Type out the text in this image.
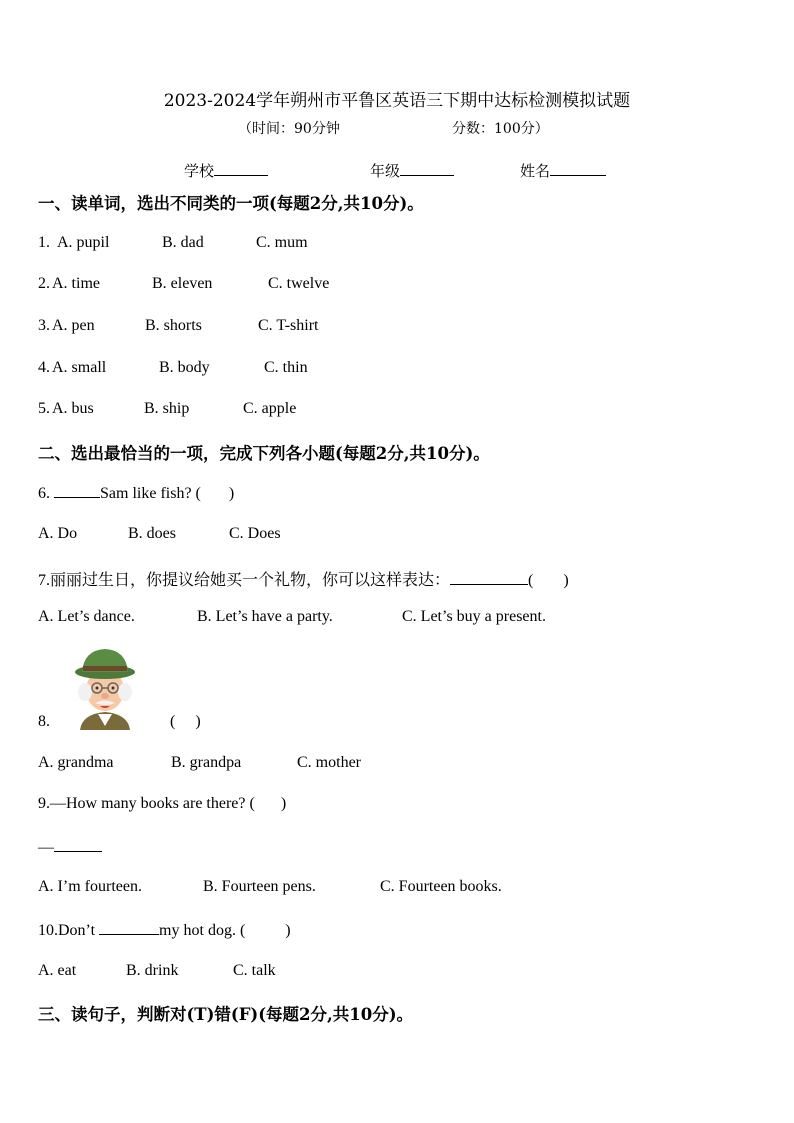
2023-2024学年朔州市平鲁区英语三下期中达标检测模拟试题
（时间：90分钟	分数：100分）
学校	年级	姓名
一、读单词，选出不同类的一项(每题2分,共10分)。
1 . A. pupil	B. dad	C. mum
2. A. time	B. eleven	C. twelve
3. A. pen	B. shorts	C. T-shirt
4. A. small	B. body	C. thin
5. A. bus	B. ship	C. apple
二、选出最恰当的一项，完成下列各小题(每题2分,共10分)。
6.	Sam like fish? ( )
A. Do	B. does	C. Does
7.丽丽过生日，你提议给她买一个礼物，你可以这样表达：	( )
A. Let’s dance.	B. Let’s have a party.	C. Let’s buy a present.
8.	( )
A. grandma	B. grandpa	C. mother
9.—How many books are there? ( )
—
A. I’m fourteen.	B. Fourteen pens.	C. Fourteen books.
10.Don’t	my hot dog. (	)
A. eat	B. drink	C. talk
三、读句子，判断对(T)错(F)(每题2分,共10分)。
